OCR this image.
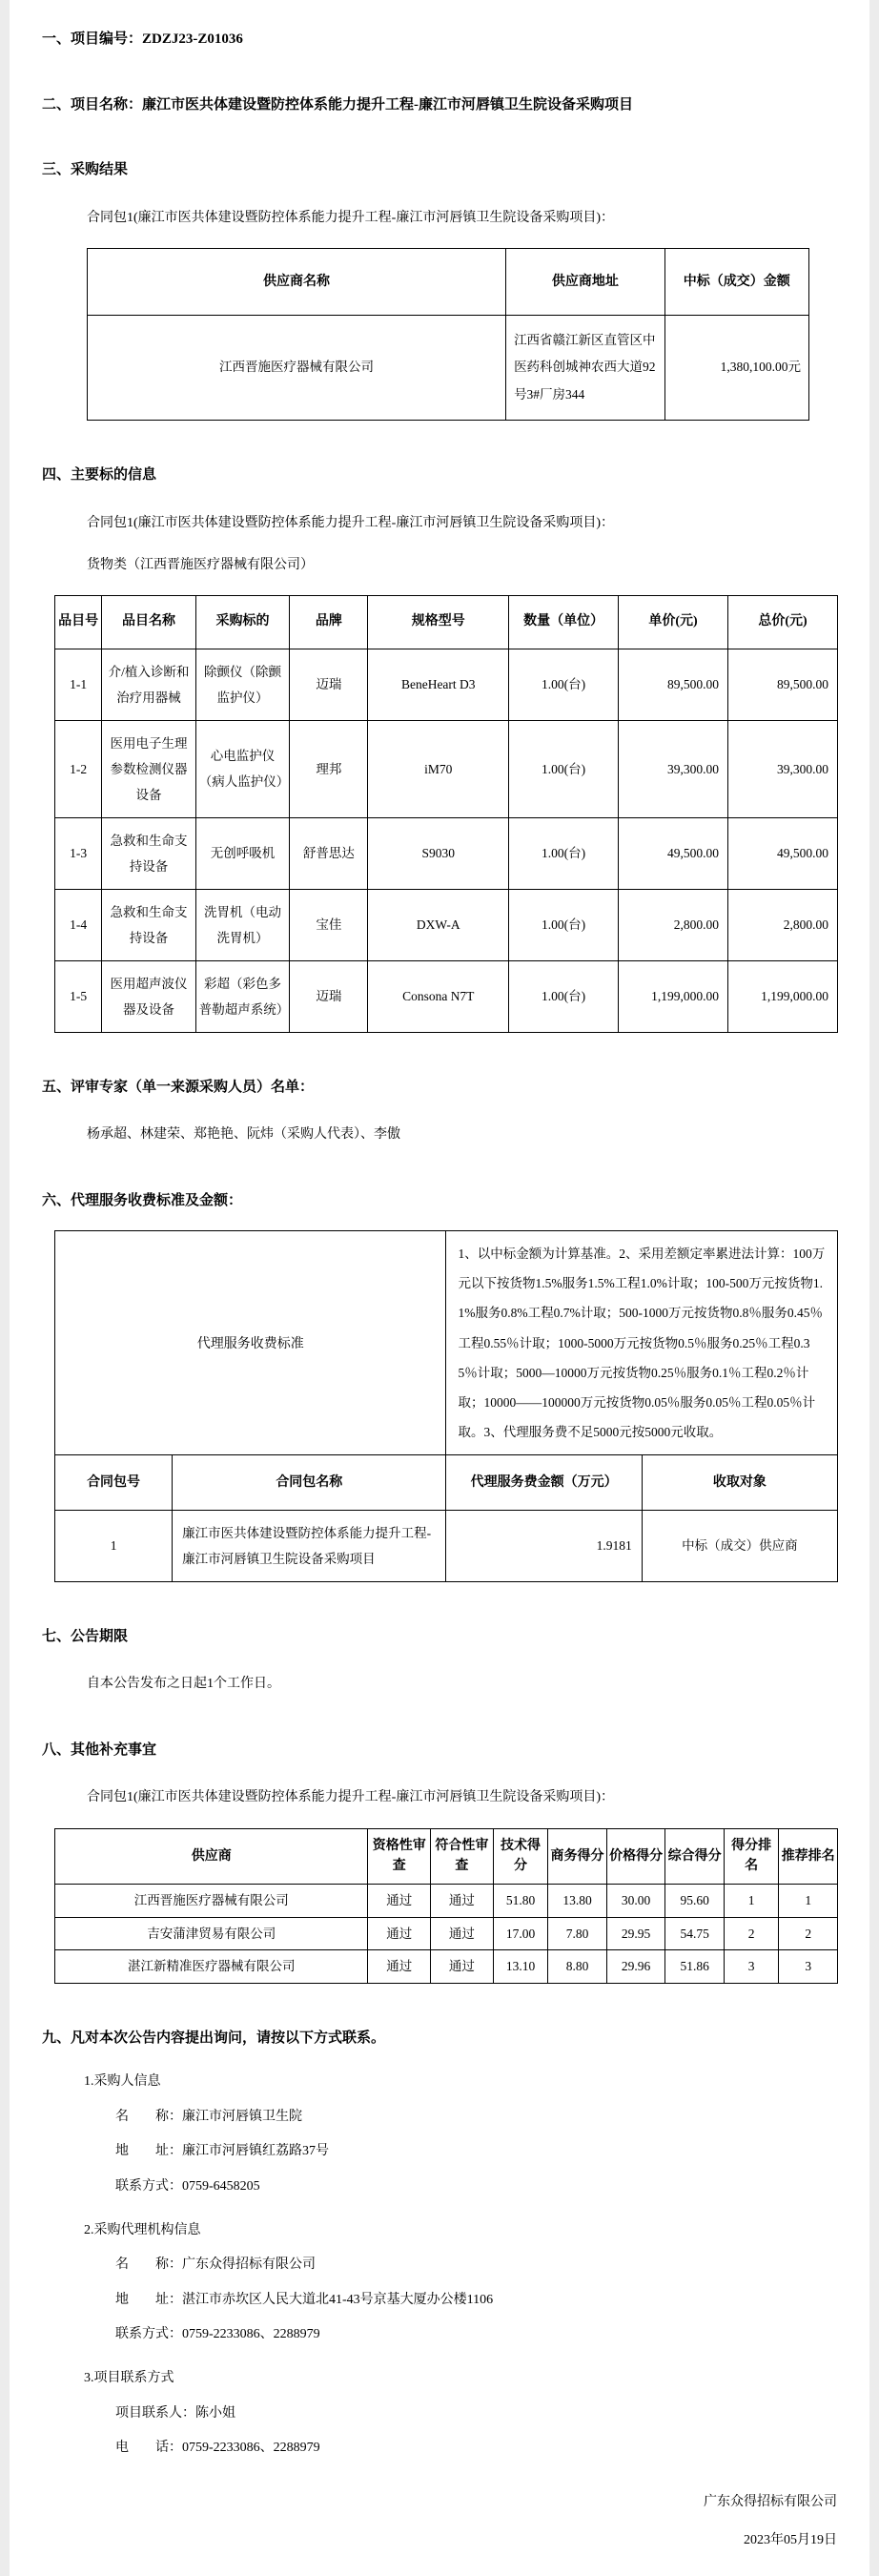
一、项目编号：ZDZJ23-Z01036
二、项目名称：廉江市医共体建设暨防控体系能力提升工程-廉江市河唇镇卫生院设备采购项目
三、采购结果
合同包1(廉江市医共体建设暨防控体系能力提升工程-廉江市河唇镇卫生院设备采购项目)：
供应商名称	供应商地址	中标（成交）金额
江西晋施医疗器械有限公司	江西省赣江新区直管区中医药科创城神农西大道92号3#厂房344	1,380,100.00元
四、主要标的信息
合同包1(廉江市医共体建设暨防控体系能力提升工程-廉江市河唇镇卫生院设备采购项目)：
货物类（江西晋施医疗器械有限公司）
品目号	品目名称	采购标的	品牌	规格型号	数量（单位）	单价(元)	总价(元)
1-1	介/植入诊断和治疗用器械	除颤仪（除颤监护仪）	迈瑞	BeneHeart D3	1.00(台)	89,500.00	89,500.00
1-2	医用电子生理参数检测仪器设备	心电监护仪（病人监护仪）	理邦	iM70	1.00(台)	39,300.00	39,300.00
1-3	急救和生命支持设备	无创呼吸机	舒普思达	S9030	1.00(台)	49,500.00	49,500.00
1-4	急救和生命支持设备	洗胃机（电动洗胃机）	宝佳	DXW-A	1.00(台)	2,800.00	2,800.00
1-5	医用超声波仪器及设备	彩超（彩色多普勒超声系统）	迈瑞	Consona N7T	1.00(台)	1,199,000.00	1,199,000.00
五、评审专家（单一来源采购人员）名单：
杨承超、林建荣、郑艳艳、阮炜（采购人代表）、李傲
六、代理服务收费标准及金额：
代理服务收费标准		1、以中标金额为计算基准。2、采用差额定率累进法计算：100万元以下按货物1.5%服务1.5%工程1.0%计取；100-500万元按货物1.1%服务0.8%工程0.7%计取；500-1000万元按货物0.8％服务0.45％工程0.55％计取；1000-5000万元按货物0.5％服务0.25％工程0.35％计取；5000—10000万元按货物0.25％服务0.1％工程0.2％计取；10000——100000万元按货物0.05％服务0.05％工程0.05％计取。3、代理服务费不足5000元按5000元收取。	
合同包号	合同包名称	代理服务费金额（万元）	收取对象
1	廉江市医共体建设暨防控体系能力提升工程-廉江市河唇镇卫生院设备采购项目	1.9181	中标（成交）供应商
七、公告期限
自本公告发布之日起1个工作日。
八、其他补充事宜
合同包1(廉江市医共体建设暨防控体系能力提升工程-廉江市河唇镇卫生院设备采购项目)：
供应商	资格性审查	符合性审查	技术得分	商务得分	价格得分	综合得分	得分排名	推荐排名
江西晋施医疗器械有限公司	通过	通过	51.80	13.80	30.00	95.60	1	1
吉安蒲津贸易有限公司	通过	通过	17.00	7.80	29.95	54.75	2	2
湛江新精准医疗器械有限公司	通过	通过	13.10	8.80	29.96	51.86	3	3
九、凡对本次公告内容提出询问，请按以下方式联系。
1.采购人信息
名　　称：廉江市河唇镇卫生院
地　　址：廉江市河唇镇红荔路37号
联系方式：0759-6458205
2.采购代理机构信息
名　　称：广东众得招标有限公司
地　　址：湛江市赤坎区人民大道北41-43号京基大厦办公楼1106
联系方式：0759-2233086、2288979
3.项目联系方式
项目联系人：陈小姐
电　　话：0759-2233086、2288979
广东众得招标有限公司
2023年05月19日
